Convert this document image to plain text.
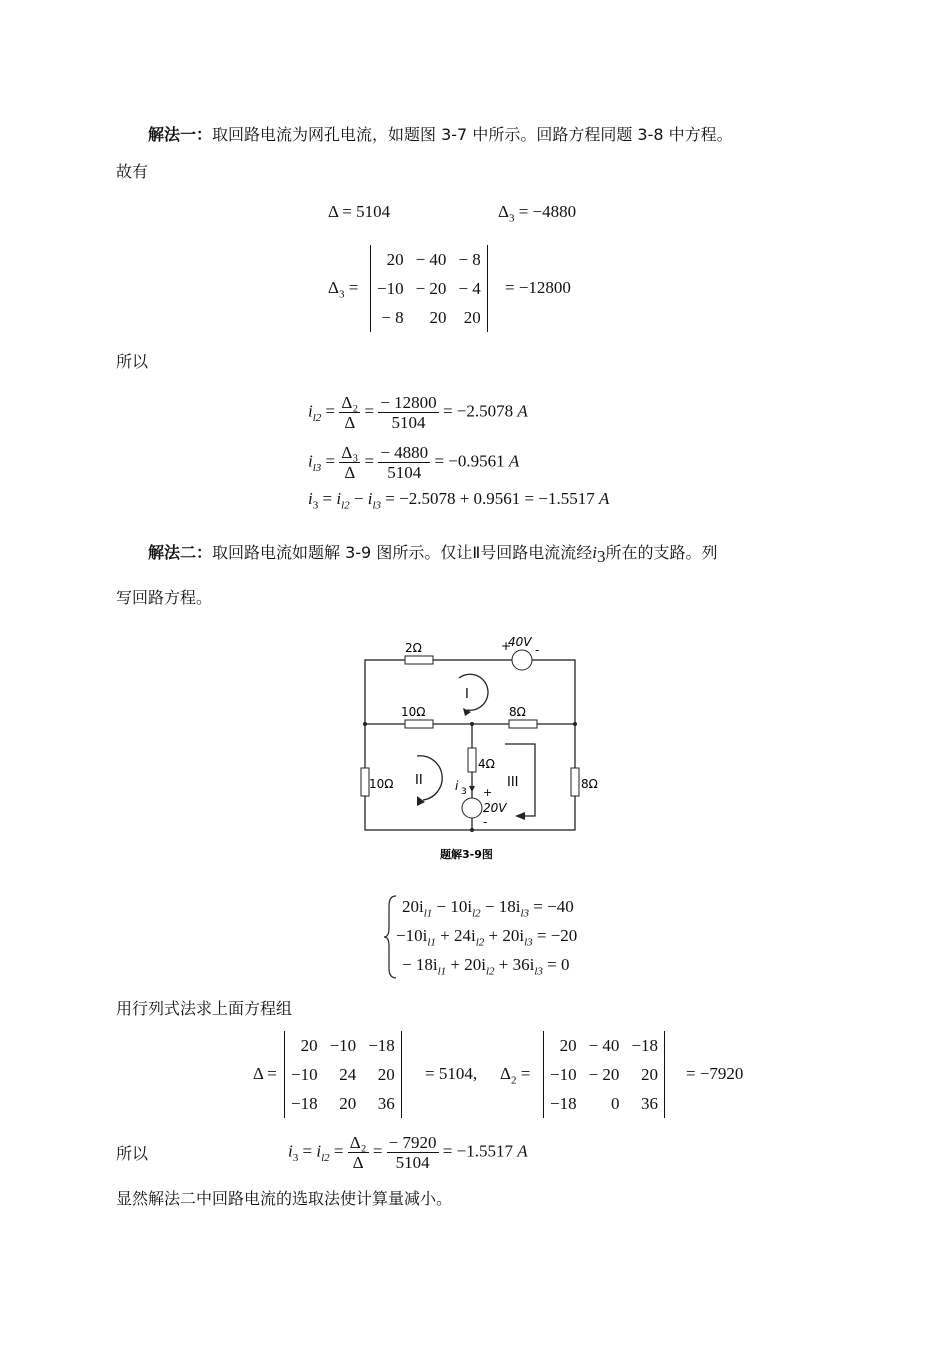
解法一：取回路电流为网孔电流，如题图 3-7 中所示。回路方程同题 3-8 中方程。
故有
Δ = 5104	$\Delta_3 = -4880$
$\Delta_3$ =
20	− 40	− 8
−10	− 20	− 4
− 8	20	20
= −12800
所以
$i_{l2} = \frac{\text{Δ₂}}{\Delta} = \frac{- 12800}{5104} = -2.5078$ A
$i_{l3} = \frac{\text{Δ₃}}{\Delta} = \frac{- 4880}{5104} = -0.9561$ A
$i_3 = i_{l2} - i_{l3} = -2.5078 + 0.9561 = -1.5517$ A
解法二：取回路电流如题解 3-9 图所示。仅让Ⅱ号回路电流流经$i_3$所在的支路。列
写回路方程。
2Ω	+
40V
-
I
10Ω	8Ω
10Ω II
4Ω
i 3 +
III
20V
-
8Ω
题解3-9图
$20i_{l1} - 10i_{l2} - 18i_{l3} = -40$
$-10i_{l1} + 24i_{l2} + 20i_{l3} = -20$
− $18i_{l1} + 20i_{l2} + 36i_{l3} = 0$
用行列式法求上面方程组
Δ =
20	−10	−18
−10	24	20
−18	20	36
= 5104, $\Delta_2$ =
20	− 40	−18
−10	− 20	20
−18	0	36
= −7920
所以	$i_3 = i_{l2} = \frac{\text{Δ₂}}{\Delta} = \frac{- 7920}{5104} = -1.5517$ A
显然解法二中回路电流的选取法使计算量减小。
